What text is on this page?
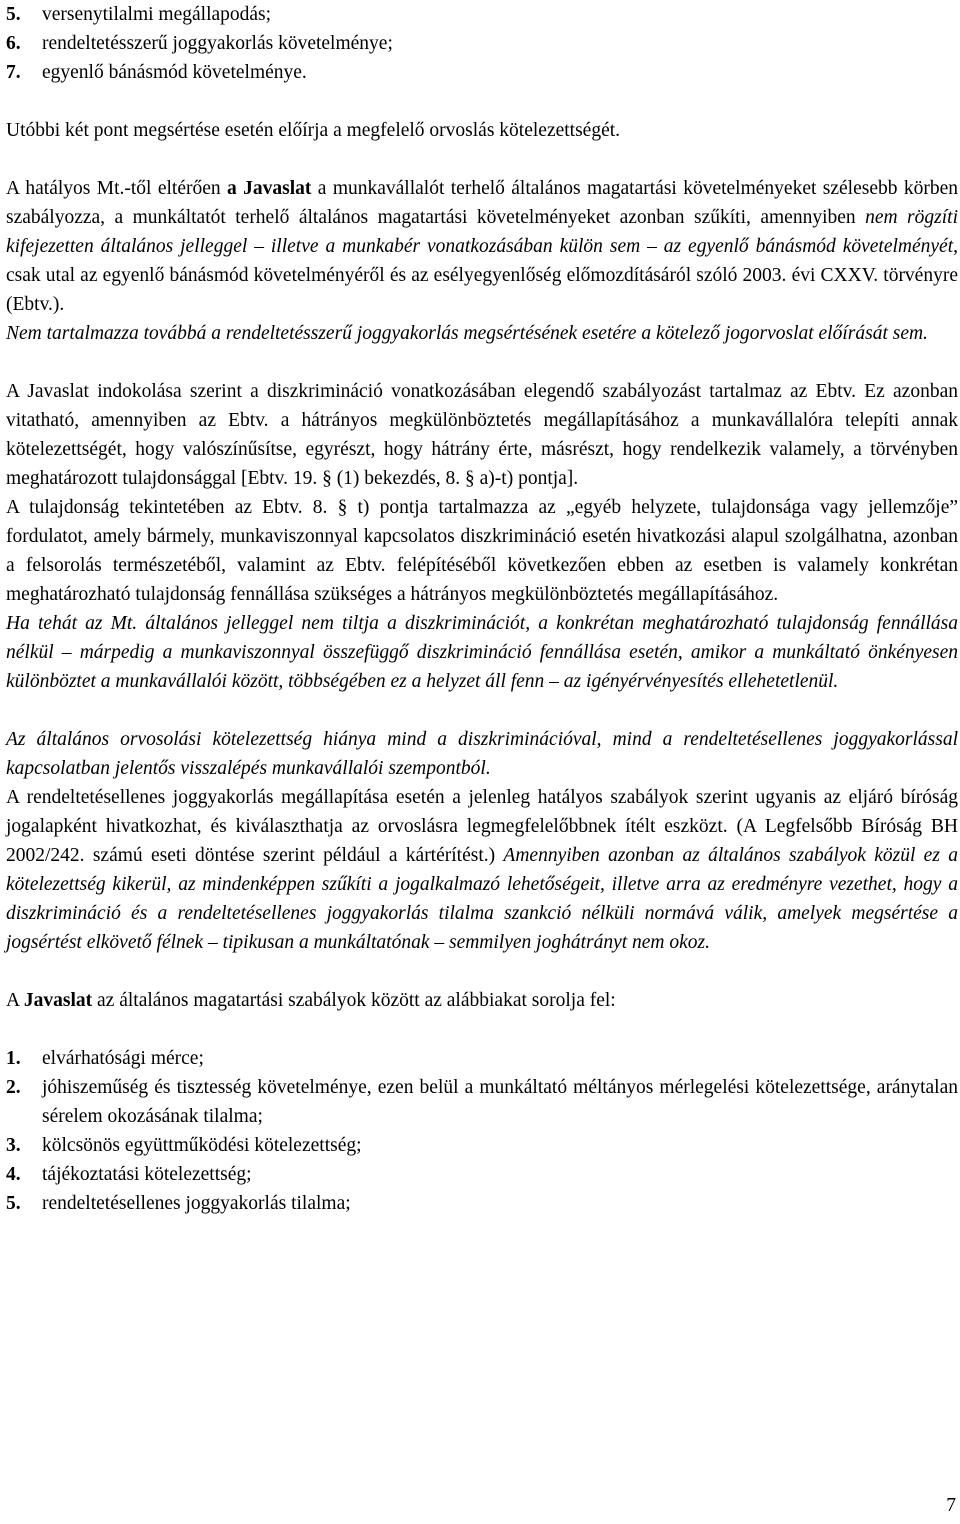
5 .	versenytilalmi megállapodás;
6 .	rendeltetésszerű joggyakorlás követelménye;
7 .	egyenlő bánásmód követelménye.

Utóbbi két pont megsértése esetén előírja a megfelelő orvoslás kötelezettségét.

A hatályos Mt.-től eltérően a Javaslat a munkavállalót terhelő általános magatartási követelményeket szélesebb körben szabályozza, a munkáltatót terhelő általános magatartási követelményeket azonban szűkíti, amennyiben nem rögzíti kifejezetten általános jelleggel – illetve a munkabér vonatkozásában külön sem – az egyenlő bánásmód követelményét, csak utal az egyenlő bánásmód követelményéről és az esélyegyenlőség előmozdításáról szóló 2003. évi CXXV. törvényre (Ebtv.).

Nem tartalmazza továbbá a rendeltetésszerű joggyakorlás megsértésének esetére a kötelező jogorvoslat előírását sem.

A Javaslat indokolása szerint a diszkrimináció vonatkozásában elegendő szabályozást tartalmaz az Ebtv. Ez azonban vitatható, amennyiben az Ebtv. a hátrányos megkülönböztetés megállapításához a munkavállalóra telepíti annak kötelezettségét, hogy valószínűsítse, egyrészt, hogy hátrány érte, másrészt, hogy rendelkezik valamely, a törvényben meghatározott tulajdonsággal [Ebtv. 19. § (1) bekezdés, 8. § a)-t) pontja].

A tulajdonság tekintetében az Ebtv. 8. § t) pontja tartalmazza az „egyéb helyzete, tulajdonsága vagy jellemzője” fordulatot, amely bármely, munkaviszonnyal kapcsolatos diszkrimináció esetén hivatkozási alapul szolgálhatna, azonban a felsorolás természetéből, valamint az Ebtv. felépítéséből következően ebben az esetben is valamely konkrétan meghatározható tulajdonság fennállása szükséges a hátrányos megkülönböztetés megállapításához.

Ha tehát az Mt. általános jelleggel nem tiltja a diszkriminációt, a konkrétan meghatározható tulajdonság fennállása nélkül – márpedig a munkaviszonnyal összefüggő diszkrimináció fennállása esetén, amikor a munkáltató önkényesen különböztet a munkavállalói között, többségében ez a helyzet áll fenn – az igényérvényesítés ellehetetlenül.

Az általános orvosolási kötelezettség hiánya mind a diszkriminációval, mind a rendeltetésellenes joggyakorlással kapcsolatban jelentős visszalépés munkavállalói szempontból.

A rendeltetésellenes joggyakorlás megállapítása esetén a jelenleg hatályos szabályok szerint ugyanis az eljáró bíróság jogalapként hivatkozhat, és kiválaszthatja az orvoslásra legmegfelelőbbnek ítélt eszközt. (A Legfelsőbb Bíróság BH 2002/242. számú eseti döntése szerint például a kártérítést.) Amennyiben azonban az általános szabályok közül ez a kötelezettség kikerül, az mindenképpen szűkíti a jogalkalmazó lehetőségeit, illetve arra az eredményre vezethet, hogy a diszkrimináció és a rendeltetésellenes joggyakorlás tilalma szankció nélküli normává válik, amelyek megsértése a jogsértést elkövető félnek – tipikusan a munkáltatónak – semmilyen joghátrányt nem okoz.

A Javaslat az általános magatartási szabályok között az alábbiakat sorolja fel:

1 .	elvárhatósági mérce;
2 .	jóhiszeműség és tisztesség követelménye, ezen belül a munkáltató méltányos mérlegelési kötelezettsége, aránytalan sérelem okozásának tilalma;
3 .	kölcsönös együttműködési kötelezettség;
4 .	tájékoztatási kötelezettség;
5 .	rendeltetésellenes joggyakorlás tilalma;
7
